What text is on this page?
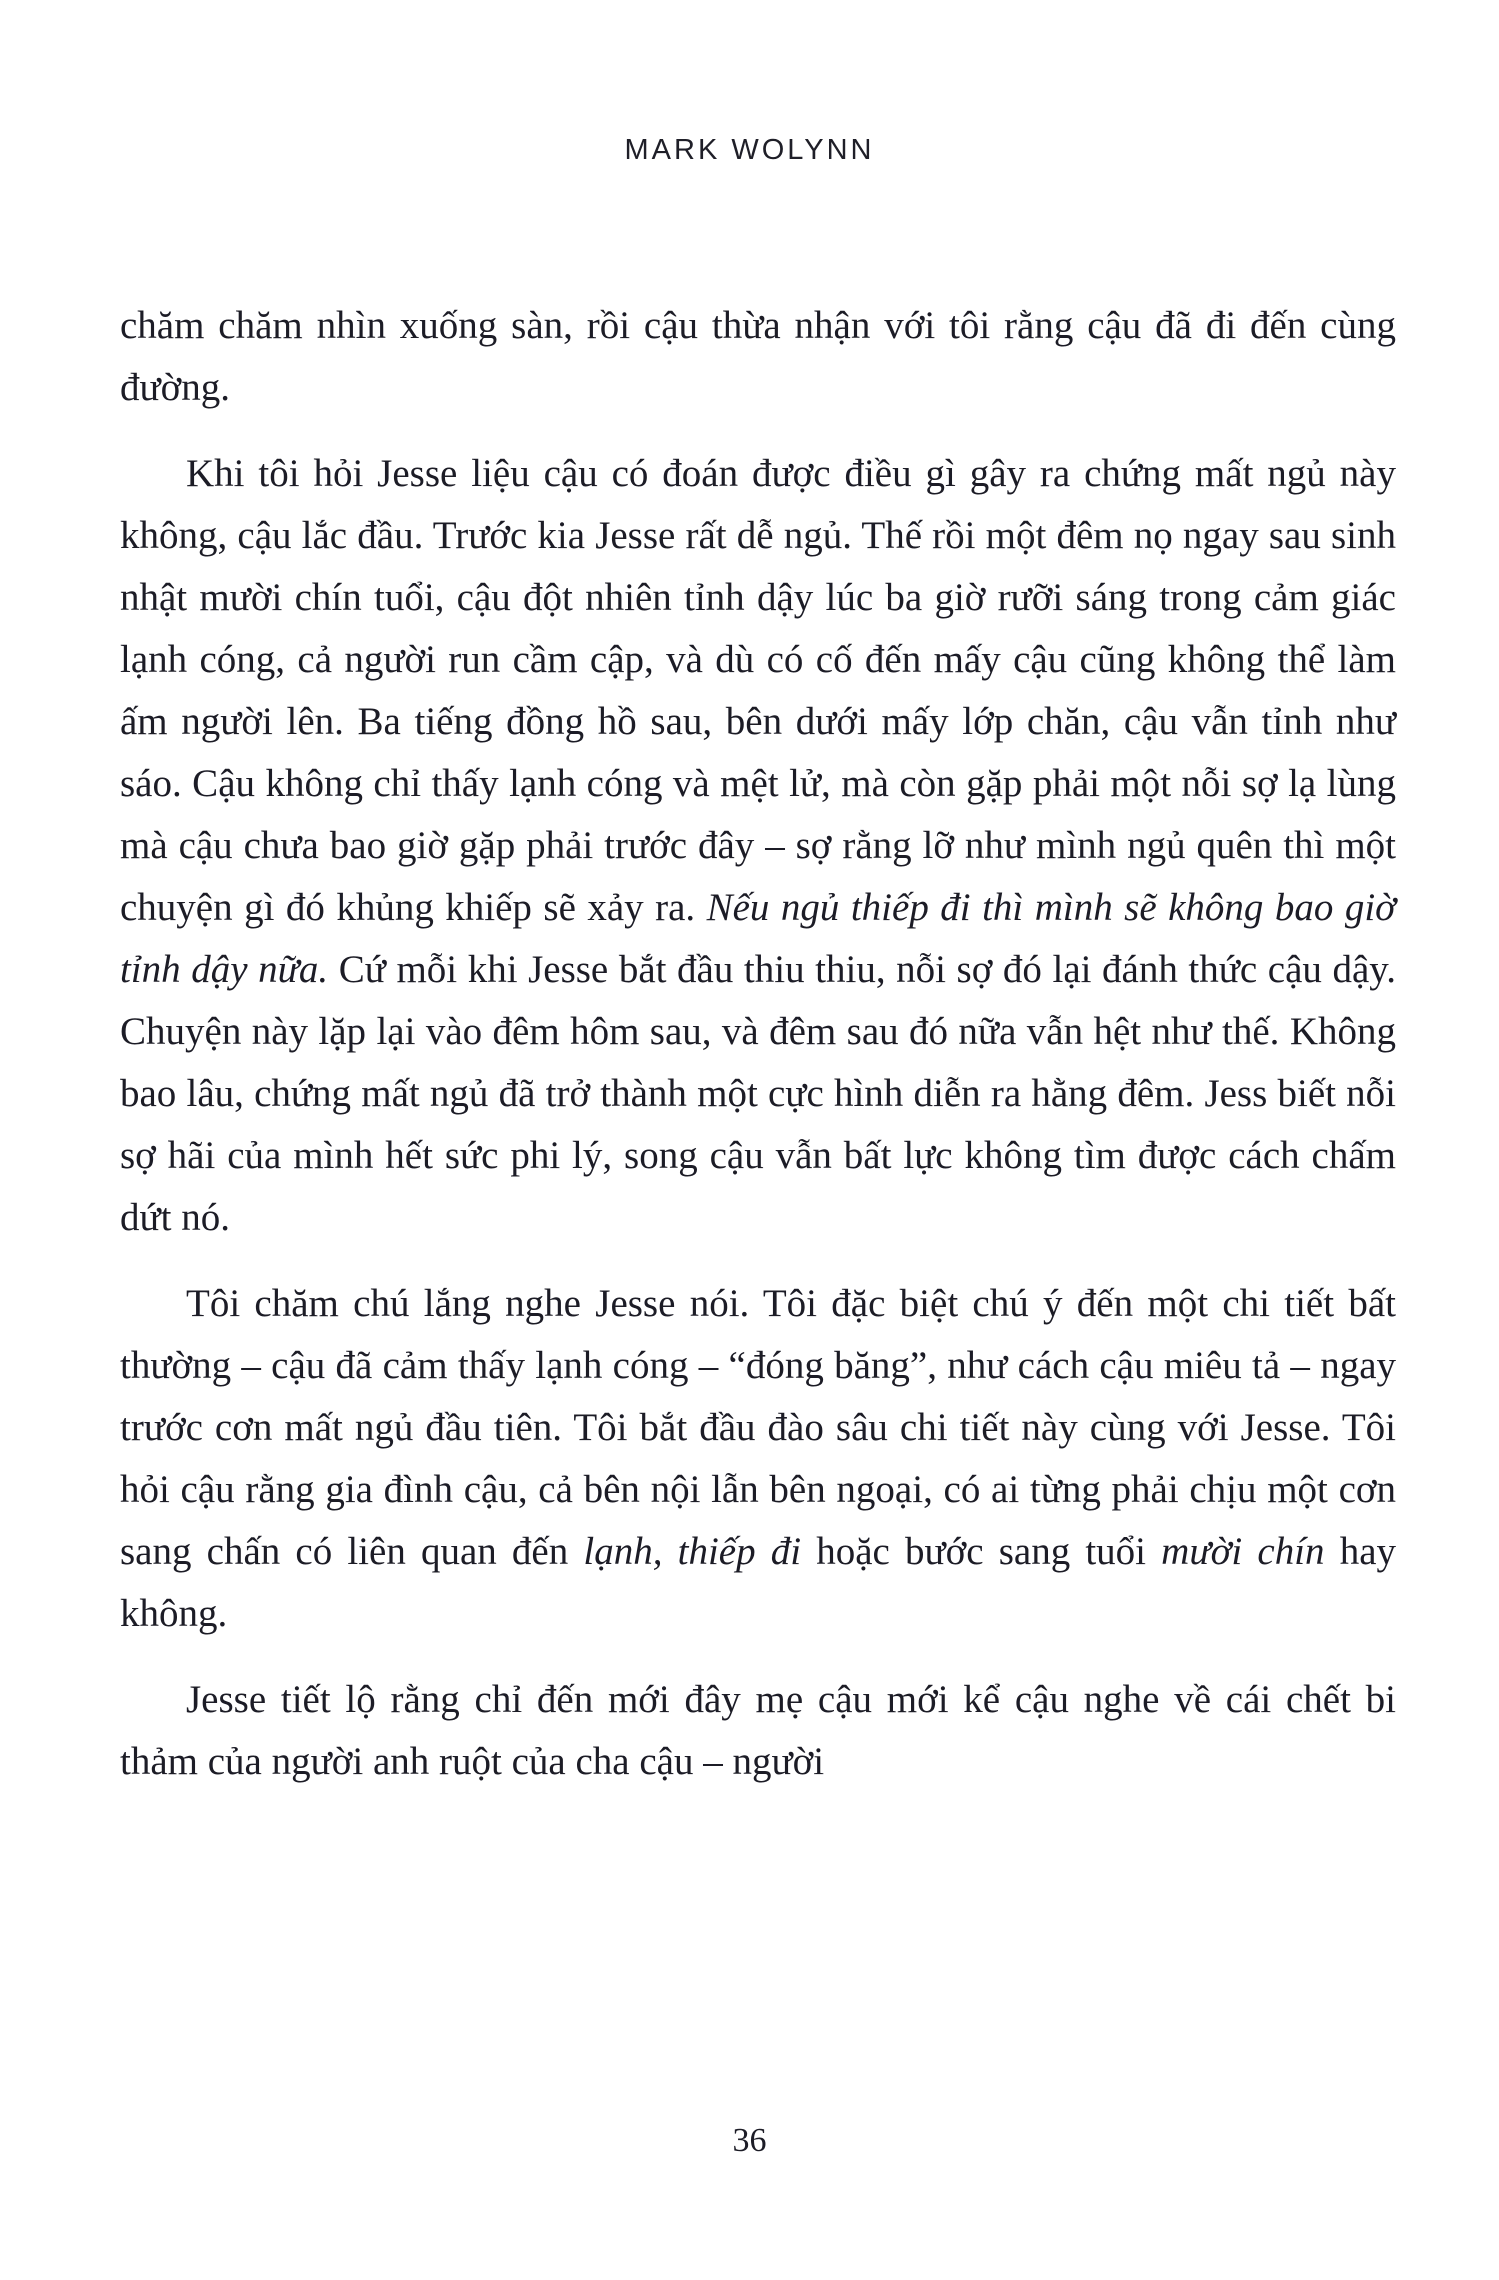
MARK WOLYNN

chăm chăm nhìn xuống sàn, rồi cậu thừa nhận với tôi rằng cậu đã đi đến cùng đường.

Khi tôi hỏi Jesse liệu cậu có đoán được điều gì gây ra chứng mất ngủ này không, cậu lắc đầu. Trước kia Jesse rất dễ ngủ. Thế rồi một đêm nọ ngay sau sinh nhật mười chín tuổi, cậu đột nhiên tỉnh dậy lúc ba giờ rưỡi sáng trong cảm giác lạnh cóng, cả người run cầm cập, và dù có cố đến mấy cậu cũng không thể làm ấm người lên. Ba tiếng đồng hồ sau, bên dưới mấy lớp chăn, cậu vẫn tỉnh như sáo. Cậu không chỉ thấy lạnh cóng và mệt lử, mà còn gặp phải một nỗi sợ lạ lùng mà cậu chưa bao giờ gặp phải trước đây – sợ rằng lỡ như mình ngủ quên thì một chuyện gì đó khủng khiếp sẽ xảy ra. Nếu ngủ thiếp đi thì mình sẽ không bao giờ tỉnh dậy nữa. Cứ mỗi khi Jesse bắt đầu thiu thiu, nỗi sợ đó lại đánh thức cậu dậy. Chuyện này lặp lại vào đêm hôm sau, và đêm sau đó nữa vẫn hệt như thế. Không bao lâu, chứng mất ngủ đã trở thành một cực hình diễn ra hằng đêm. Jess biết nỗi sợ hãi của mình hết sức phi lý, song cậu vẫn bất lực không tìm được cách chấm dứt nó.

Tôi chăm chú lắng nghe Jesse nói. Tôi đặc biệt chú ý đến một chi tiết bất thường – cậu đã cảm thấy lạnh cóng – “đóng băng”, như cách cậu miêu tả – ngay trước cơn mất ngủ đầu tiên. Tôi bắt đầu đào sâu chi tiết này cùng với Jesse. Tôi hỏi cậu rằng gia đình cậu, cả bên nội lẫn bên ngoại, có ai từng phải chịu một cơn sang chấn có liên quan đến lạnh, thiếp đi hoặc bước sang tuổi mười chín hay không.

Jesse tiết lộ rằng chỉ đến mới đây mẹ cậu mới kể cậu nghe về cái chết bi thảm của người anh ruột của cha cậu – người

36
